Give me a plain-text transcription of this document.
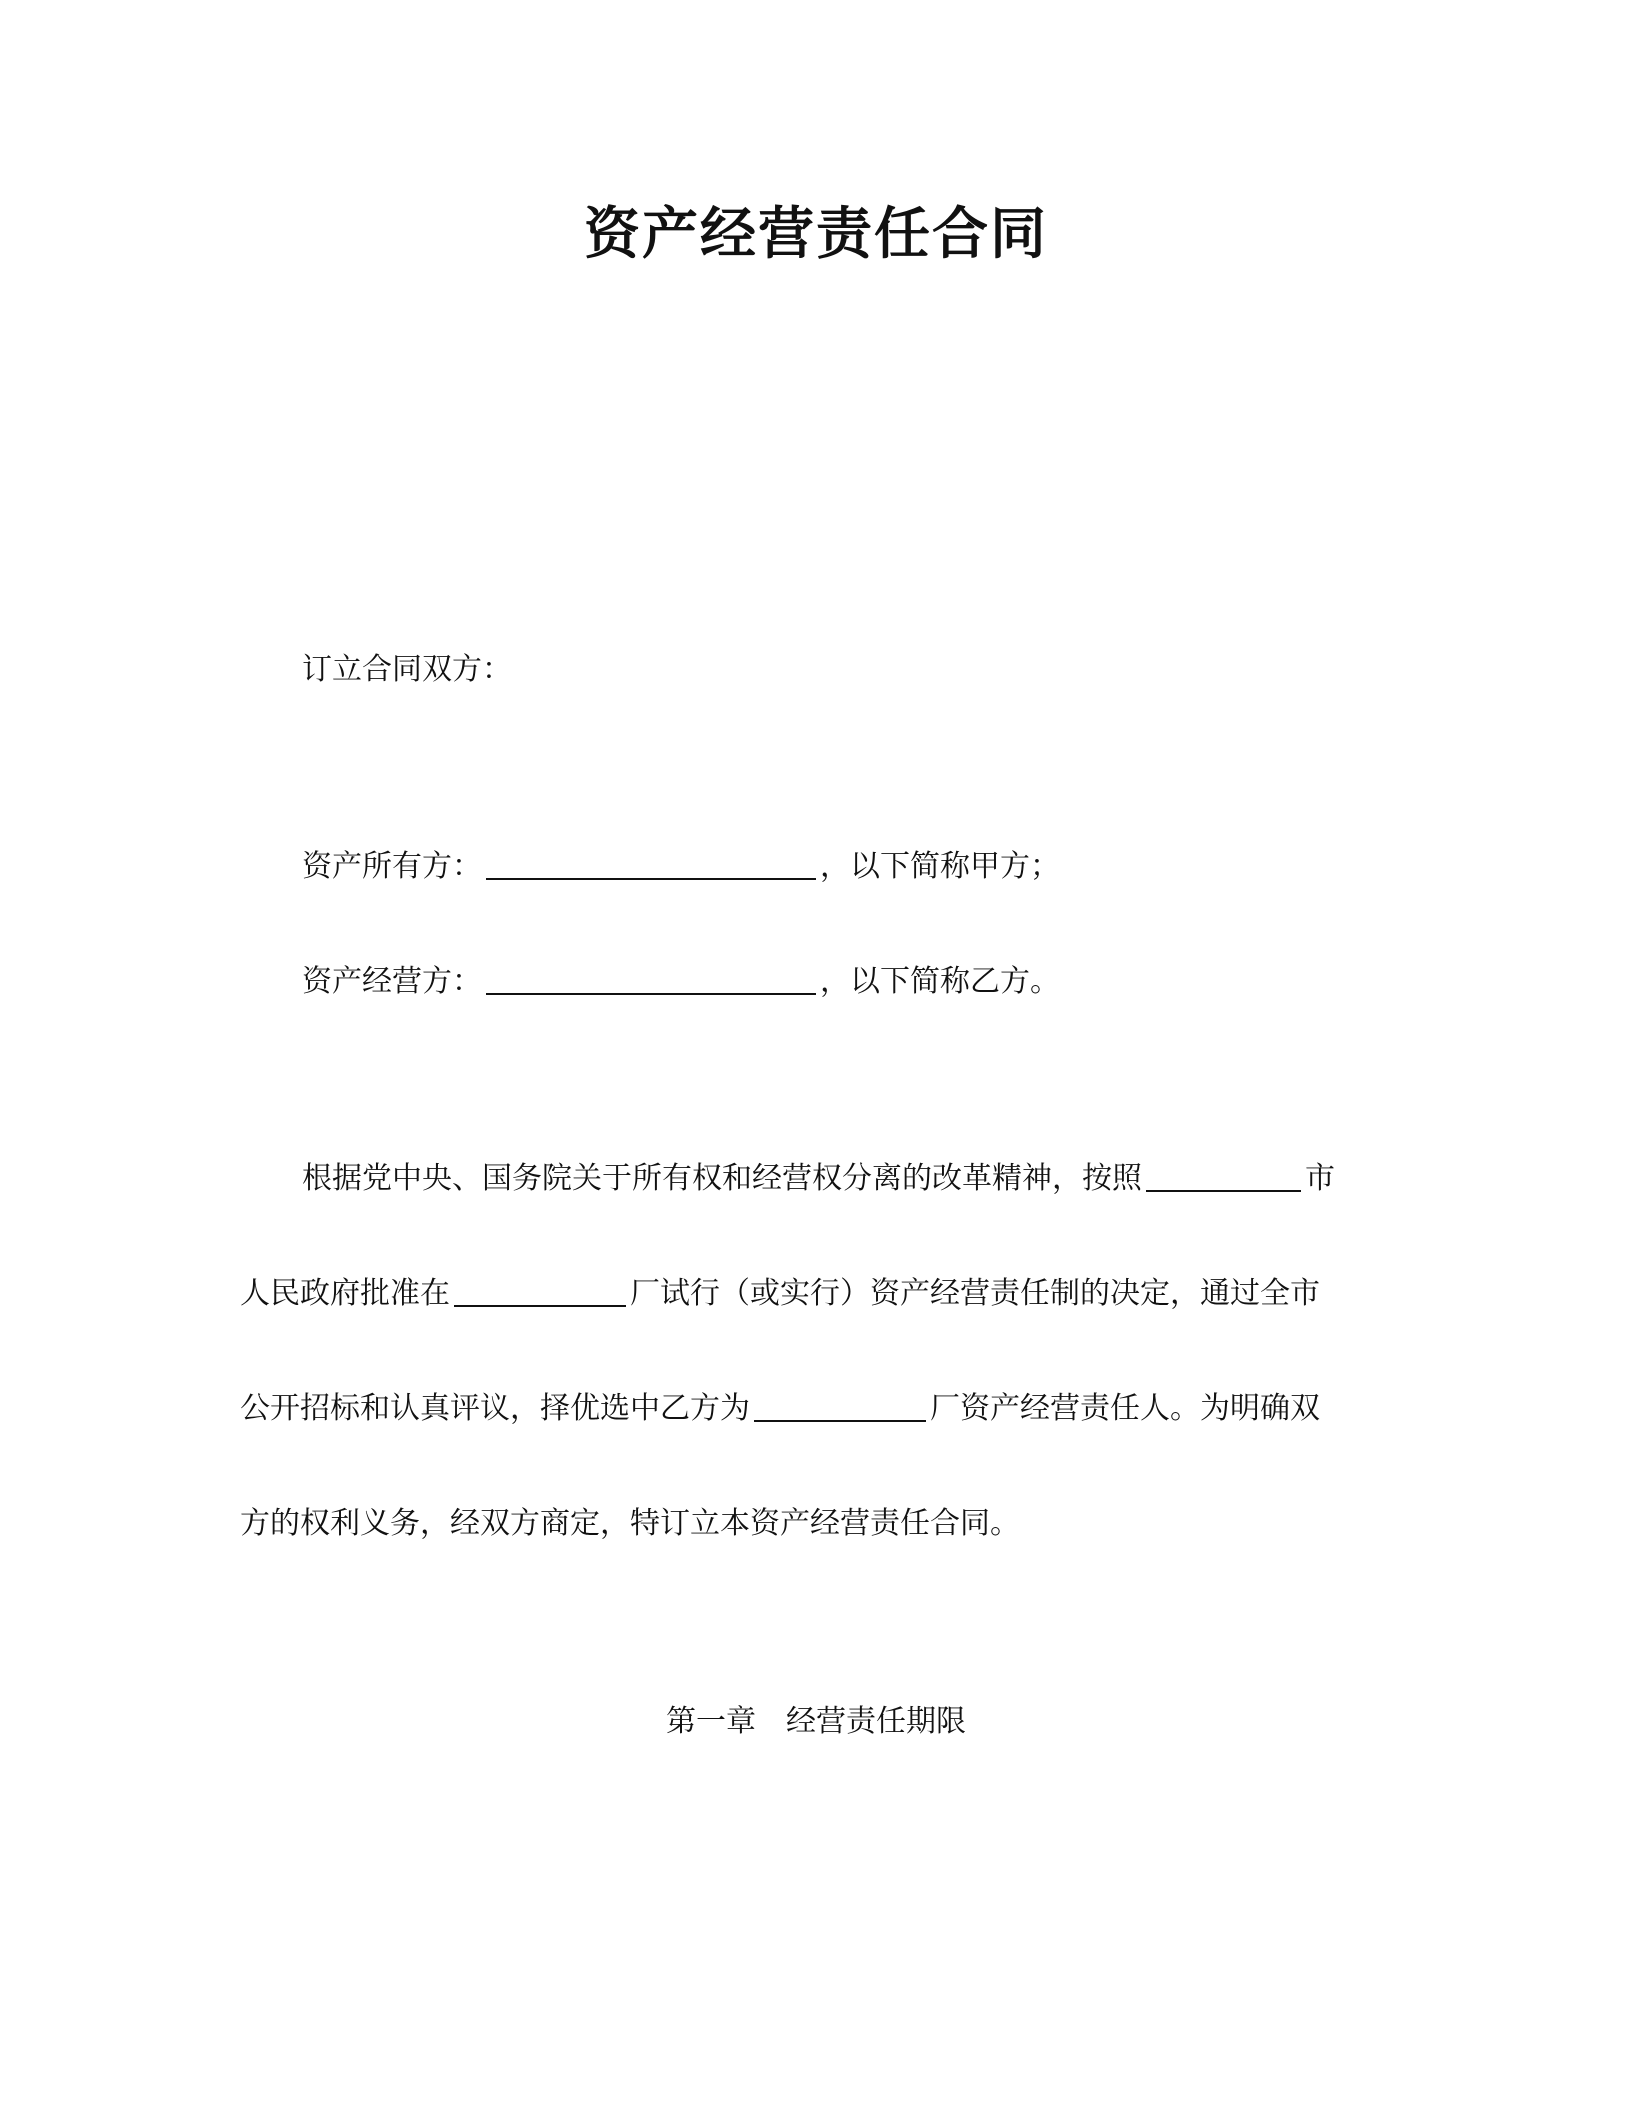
资产经营责任合同
订立合同双方：
资产所有方：	，以下简称甲方；
资产经营方：	，以下简称乙方。
根据党中央、国务院关于所有权和经营权分离的改革精神，按照	市
人民政府批准在	厂试行（或实行）资产经营责任制的决定，通过全市
公开招标和认真评议，择优选中乙方为	厂资产经营责任人。为明确双
方的权利义务，经双方商定，特订立本资产经营责任合同。
第一章　经营责任期限
